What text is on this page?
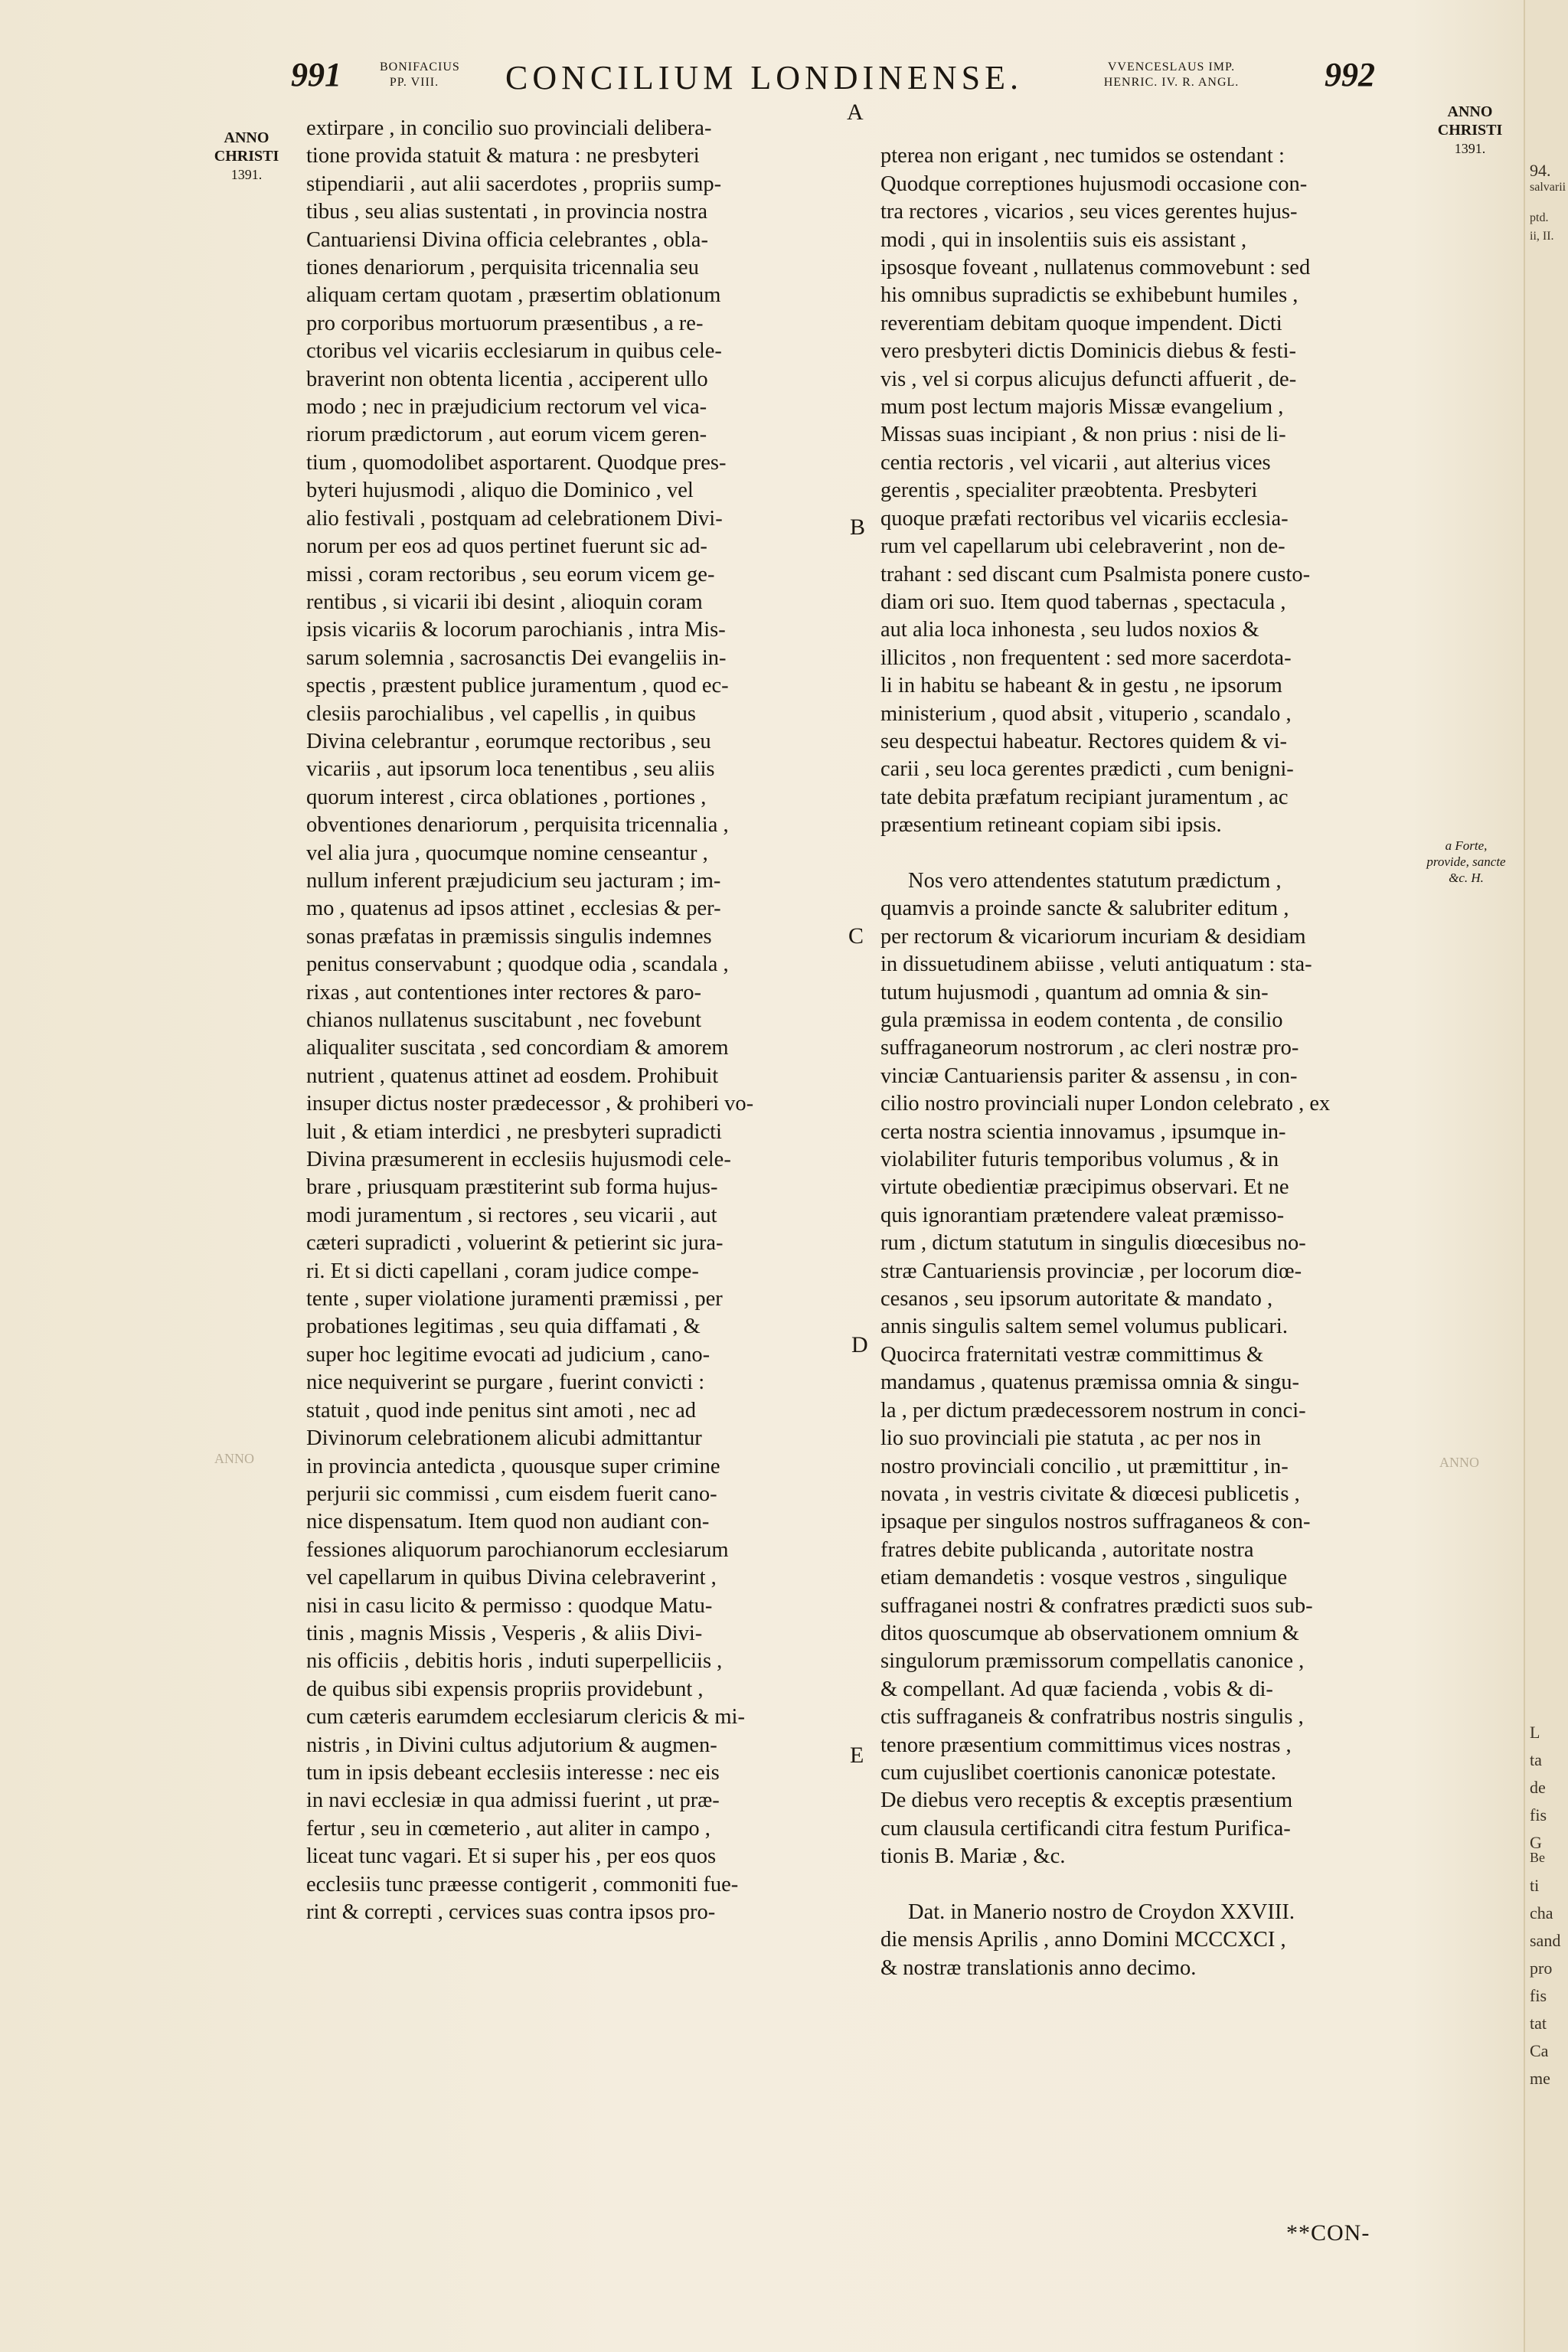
991	BONIFACIUS
PP. VIII. CONCILIUM LONDINENSE.	VVENCESLAUS IMP.
HENRIC. IV. R. ANGL.	992
ANNO
CHRISTI
1391.
ANNO
CHRISTI
1391.
extirpare , in concilio suo provinciali delibera-
tione provida statuit & matura : ne presbyteri
stipendiarii , aut alii sacerdotes , propriis sump-
tibus , seu alias sustentati , in provincia nostra
Cantuariensi Divina officia celebrantes , obla-
tiones denariorum , perquisita tricennalia seu
aliquam certam quotam , præsertim oblationum
pro corporibus mortuorum præsentibus , a re-
ctoribus vel vicariis ecclesiarum in quibus cele-
braverint non obtenta licentia , acciperent ullo
modo ; nec in præjudicium rectorum vel vica-
riorum prædictorum , aut eorum vicem geren-
tium , quomodolibet asportarent. Quodque pres-
byteri hujusmodi , aliquo die Dominico , vel
alio festivali , postquam ad celebrationem Divi-
norum per eos ad quos pertinet fuerunt sic ad-
missi , coram rectoribus , seu eorum vicem ge-
rentibus , si vicarii ibi desint , alioquin coram
ipsis vicariis & locorum parochianis , intra Mis-
sarum solemnia , sacrosanctis Dei evangeliis in-
spectis , præstent publice juramentum , quod ec-
clesiis parochialibus , vel capellis , in quibus
Divina celebrantur , eorumque rectoribus , seu
vicariis , aut ipsorum loca tenentibus , seu aliis
quorum interest , circa oblationes , portiones ,
obventiones denariorum , perquisita tricennalia ,
vel alia jura , quocumque nomine censeantur ,
nullum inferent præjudicium seu jacturam ; im-
mo , quatenus ad ipsos attinet , ecclesias & per-
sonas præfatas in præmissis singulis indemnes
penitus conservabunt ; quodque odia , scandala ,
rixas , aut contentiones inter rectores & paro-
chianos nullatenus suscitabunt , nec fovebunt
aliqualiter suscitata , sed concordiam & amorem
nutrient , quatenus attinet ad eosdem. Prohibuit
insuper dictus noster prædecessor , & prohiberi vo-
luit , & etiam interdici , ne presbyteri supradicti
Divina præsumerent in ecclesiis hujusmodi cele-
brare , priusquam præstiterint sub forma hujus-
modi juramentum , si rectores , seu vicarii , aut
cæteri supradicti , voluerint & petierint sic jura-
ri. Et si dicti capellani , coram judice compe-
tente , super violatione juramenti præmissi , per
probationes legitimas , seu quia diffamati , &
super hoc legitime evocati ad judicium , cano-
nice nequiverint se purgare , fuerint convicti :
statuit , quod inde penitus sint amoti , nec ad
Divinorum celebrationem alicubi admittantur
in provincia antedicta , quousque super crimine
perjurii sic commissi , cum eisdem fuerit cano-
nice dispensatum. Item quod non audiant con-
fessiones aliquorum parochianorum ecclesiarum
vel capellarum in quibus Divina celebraverint ,
nisi in casu licito & permisso : quodque Matu-
tinis , magnis Missis , Vesperis , & aliis Divi-
nis officiis , debitis horis , induti superpelliciis ,
de quibus sibi expensis propriis providebunt ,
cum cæteris earumdem ecclesiarum clericis & mi-
nistris , in Divini cultus adjutorium & augmen-
tum in ipsis debeant ecclesiis interesse : nec eis
in navi ecclesiæ in qua admissi fuerint , ut præ-
fertur , seu in cœmeterio , aut aliter in campo ,
liceat tunc vagari. Et si super his , per eos quos
ecclesiis tunc præesse contigerit , commoniti fue-
rint & correpti , cervices suas contra ipsos pro-

pterea non erigant , nec tumidos se ostendant :
Quodque correptiones hujusmodi occasione con-
tra rectores , vicarios , seu vices gerentes hujus-
modi , qui in insolentiis suis eis assistant ,
ipsosque foveant , nullatenus commovebunt : sed
his omnibus supradictis se exhibebunt humiles ,
reverentiam debitam quoque impendent. Dicti
vero presbyteri dictis Dominicis diebus & festi-
vis , vel si corpus alicujus defuncti affuerit , de-
mum post lectum majoris Missæ evangelium ,
Missas suas incipiant , & non prius : nisi de li-
centia rectoris , vel vicarii , aut alterius vices
gerentis , specialiter præobtenta. Presbyteri
quoque præfati rectoribus vel vicariis ecclesia-
rum vel capellarum ubi celebraverint , non de-
trahant : sed discant cum Psalmista ponere custo-
diam ori suo. Item quod tabernas , spectacula ,
aut alia loca inhonesta , seu ludos noxios &
illicitos , non frequentent : sed more sacerdota-
li in habitu se habeant & in gestu , ne ipsorum
ministerium , quod absit , vituperio , scandalo ,
seu despectui habeatur. Rectores quidem & vi-
carii , seu loca gerentes prædicti , cum benigni-
tate debita præfatum recipiant juramentum , ac
præsentium retineant copiam sibi ipsis.

Nos vero attendentes statutum prædictum ,
quamvis a proinde sancte & salubriter editum ,
per rectorum & vicariorum incuriam & desidiam
in dissuetudinem abiisse , veluti antiquatum : sta-
tutum hujusmodi , quantum ad omnia & sin-
gula præmissa in eodem contenta , de consilio
suffraganeorum nostrorum , ac cleri nostræ pro-
vinciæ Cantuariensis pariter & assensu , in con-
cilio nostro provinciali nuper London celebrato , ex
certa nostra scientia innovamus , ipsumque in-
violabiliter futuris temporibus volumus , & in
virtute obedientiæ præcipimus observari. Et ne
quis ignorantiam prætendere valeat præmisso-
rum , dictum statutum in singulis diœcesibus no-
stræ Cantuariensis provinciæ , per locorum diœ-
cesanos , seu ipsorum autoritate & mandato ,
annis singulis saltem semel volumus publicari.
Quocirca fraternitati vestræ committimus &
mandamus , quatenus præmissa omnia & singu-
la , per dictum prædecessorem nostrum in conci-
lio suo provinciali pie statuta , ac per nos in
nostro provinciali concilio , ut præmittitur , in-
novata , in vestris civitate & diœcesi publicetis ,
ipsaque per singulos nostros suffraganeos & con-
fratres debite publicanda , autoritate nostra
etiam demandetis : vosque vestros , singulique
suffraganei nostri & confratres prædicti suos sub-
ditos quoscumque ab observationem omnium &
singulorum præmissorum compellatis canonice ,
& compellant. Ad quæ facienda , vobis & di-
ctis suffraganeis & confratribus nostris singulis ,
tenore præsentium committimus vices nostras ,
cum cujuslibet coertionis canonicæ potestate.
De diebus vero receptis & exceptis præsentium
cum clausula certificandi citra festum Purifica-
tionis B. Mariæ , &c.

Dat. in Manerio nostro de Croydon XXVIII.
die mensis Aprilis , anno Domini MCCCXCI ,
& nostræ translationis anno decimo.

A
B
C
D
E
a Forte, provide, sancte &c. H.
ANNO	ANNO
**CON-
94.
salvarii
ptd.
ii, II.
ti
cha
sand
pro
fis
tat
Ca
me
L
ta
de
fis
G
Be
